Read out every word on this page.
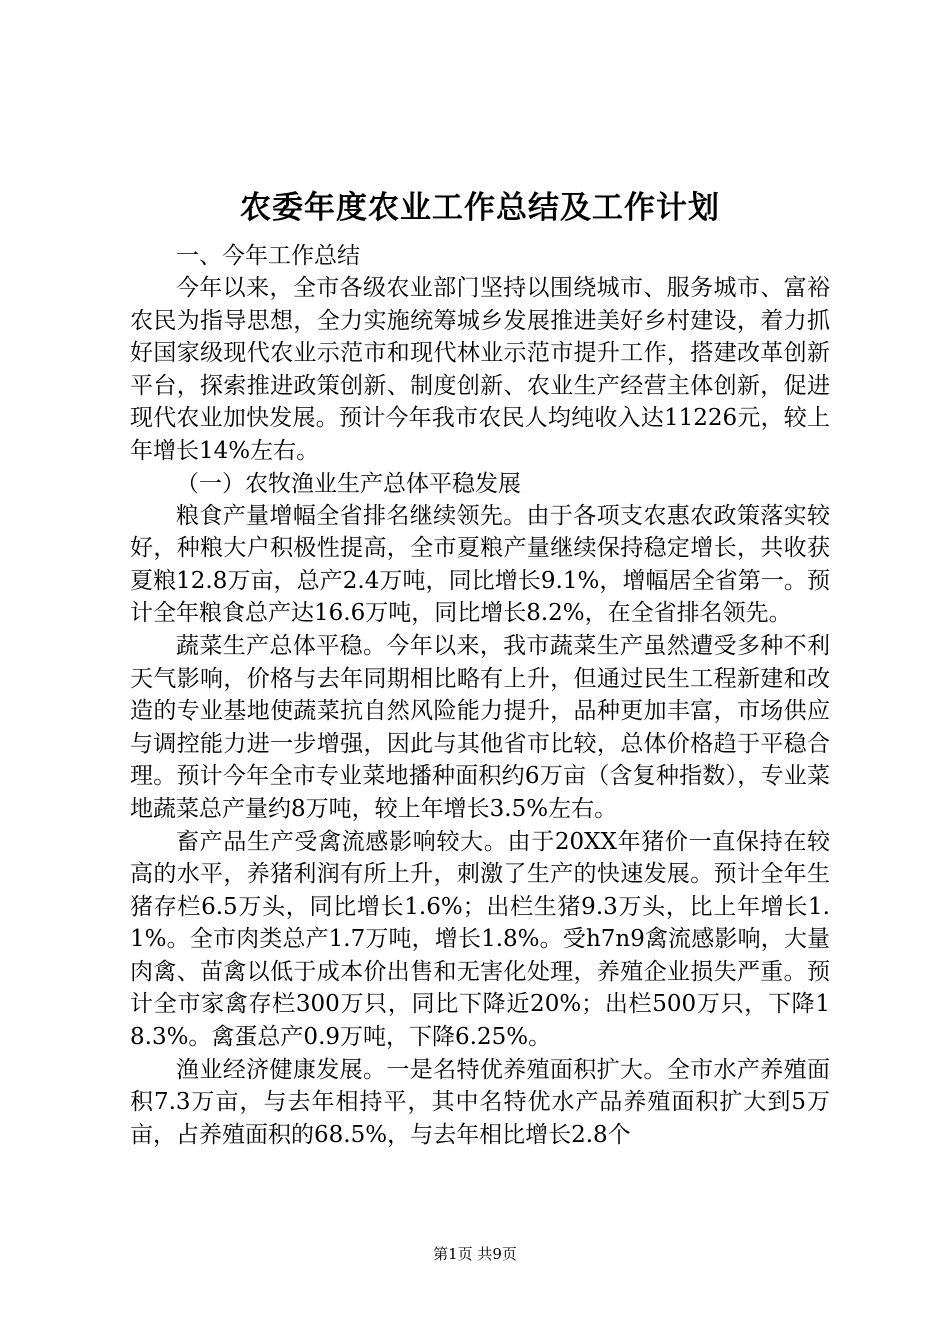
农委年度农业工作总结及工作计划

一、今年工作总结

今年以来，全市各级农业部门坚持以围绕城市、服务城市、富裕农民为指导思想，全力实施统筹城乡发展推进美好乡村建设，着力抓好国家级现代农业示范市和现代林业示范市提升工作，搭建改革创新平台，探索推进政策创新、制度创新、农业生产经营主体创新，促进现代农业加快发展。预计今年我市农民人均纯收入达11226元，较上年增长14%左右。

（一）农牧渔业生产总体平稳发展

粮食产量增幅全省排名继续领先。由于各项支农惠农政策落实较好，种粮大户积极性提高，全市夏粮产量继续保持稳定增长，共收获夏粮12.8万亩，总产2.4万吨，同比增长9.1%，增幅居全省第一。预计全年粮食总产达16.6万吨，同比增长8.2%，在全省排名领先。

蔬菜生产总体平稳。今年以来，我市蔬菜生产虽然遭受多种不利天气影响，价格与去年同期相比略有上升，但通过民生工程新建和改造的专业基地使蔬菜抗自然风险能力提升，品种更加丰富，市场供应与调控能力进一步增强，因此与其他省市比较，总体价格趋于平稳合理。预计今年全市专业菜地播种面积约6万亩（含复种指数），专业菜地蔬菜总产量约8万吨，较上年增长3.5%左右。

畜产品生产受禽流感影响较大。由于20XX年猪价一直保持在较高的水平，养猪利润有所上升，刺激了生产的快速发展。预计全年生猪存栏6.5万头，同比增长1.6%；出栏生猪9.3万头，比上年增长1.1%。全市肉类总产1.7万吨，增长1.8%。受h7n9禽流感影响，大量肉禽、苗禽以低于成本价出售和无害化处理，养殖企业损失严重。预计全市家禽存栏300万只，同比下降近20%；出栏500万只，下降18.3%。禽蛋总产0.9万吨，下降6.25%。

渔业经济健康发展。一是名特优养殖面积扩大。全市水产养殖面积7.3万亩，与去年相持平，其中名特优水产品养殖面积扩大到5万亩，占养殖面积的68.5%，与去年相比增长2.8个

第1页 共9页
